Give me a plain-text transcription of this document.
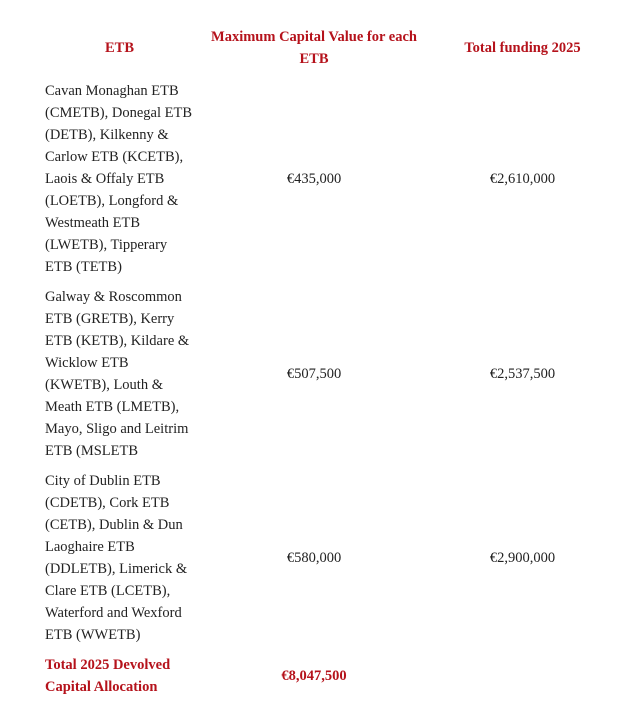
ETB	Maximum Capital Value for each ETB	Total funding 2025
Cavan Monaghan ETB (CMETB), Donegal ETB (DETB), Kilkenny & Carlow ETB (KCETB), Laois & Offaly ETB (LOETB), Longford & Westmeath ETB (LWETB), Tipperary ETB (TETB)	€435,000	€2,610,000
Galway & Roscommon ETB (GRETB), Kerry ETB (KETB), Kildare & Wicklow ETB (KWETB), Louth & Meath ETB (LMETB), Mayo, Sligo and Leitrim ETB (MSLETB	€507,500	€2,537,500
City of Dublin ETB (CDETB), Cork ETB (CETB), Dublin & Dun Laoghaire ETB (DDLETB), Limerick & Clare ETB (LCETB), Waterford and Wexford ETB (WWETB)	€580,000	€2,900,000
Total 2025 Devolved Capital Allocation	€8,047,500	
